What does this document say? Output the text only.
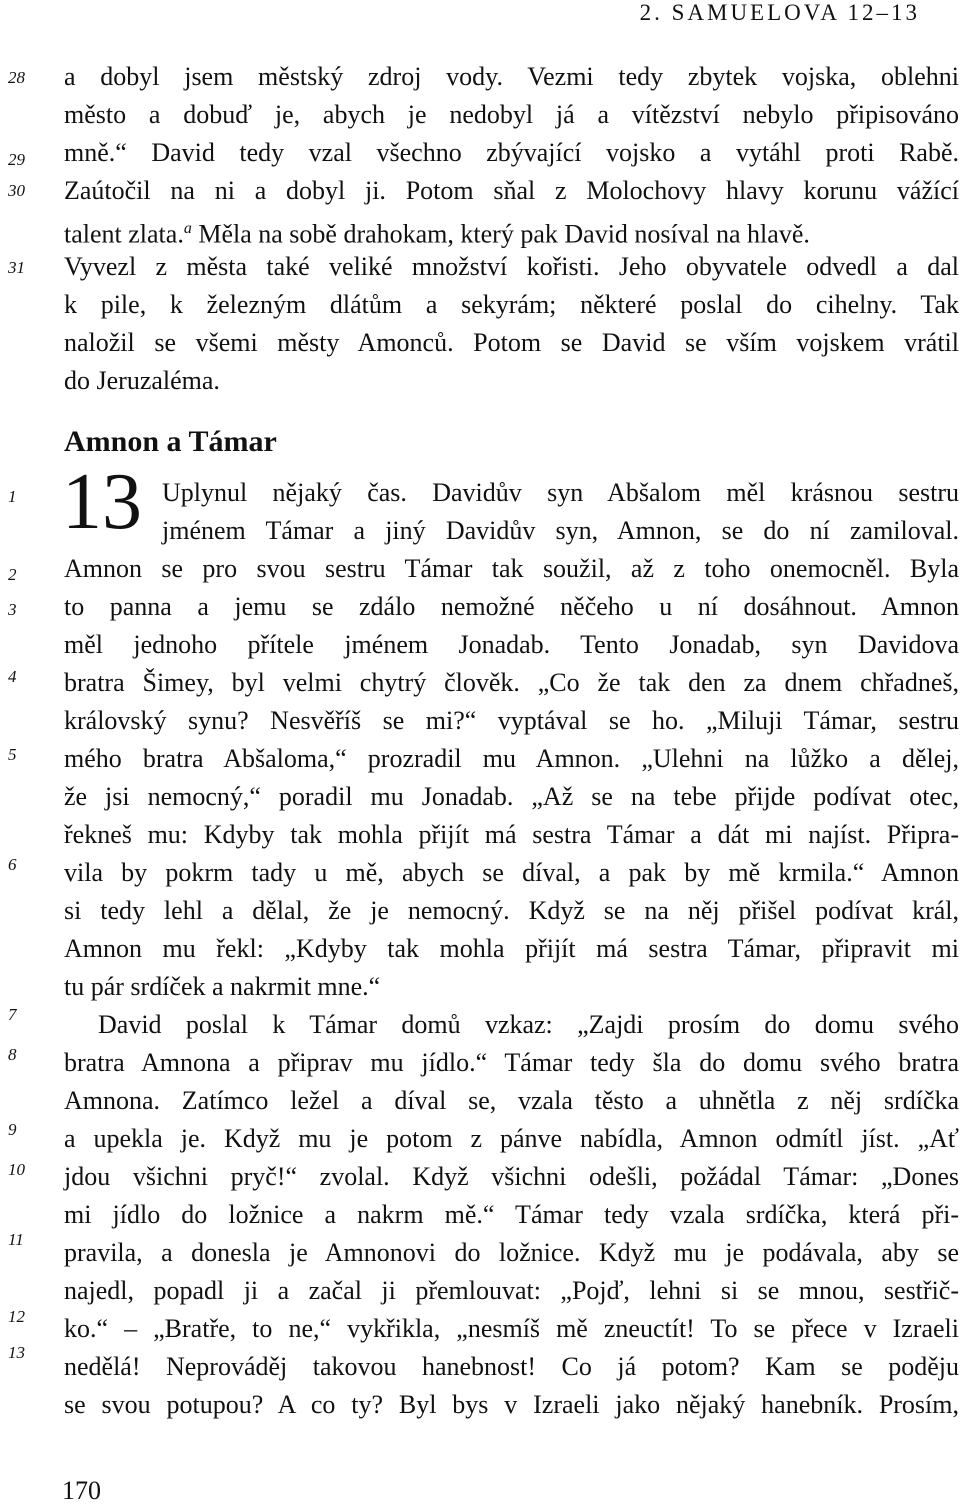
2. SAMUELOVA 12–13
28
29
30
31
1
2
3
4
5
6
7
8
9
10
11
12
13
a dobyl jsem městský zdroj vody. Vezmi tedy zbytek vojska, oblehni
město a dobuď je, abych je nedobyl já a vítězství nebylo připisováno
mně.“ David tedy vzal všechno zbývající vojsko a vytáhl proti Rabě.
Zaútočil na ni a dobyl ji. Potom sňal z Molochovy hlavy korunu vážící
talent zlata.$^a$ Měla na sobě drahokam, který pak David nosíval na hlavě.
Vyvezl z města také veliké množství kořisti. Jeho obyvatele odvedl a dal
k pile, k železným dlátům a sekyrám; některé poslal do cihelny. Tak
naložil se všemi městy Amonců. Potom se David se vším vojskem vrátil
do Jeruzaléma.
Amnon a Támar
13 Uplynul nějaký čas. Davidův syn Abšalom měl krásnou sestru
jménem Támar a jiný Davidův syn, Amnon, se do ní zamiloval.
Amnon se pro svou sestru Támar tak soužil, až z toho onemocněl. Byla
to panna a jemu se zdálo nemožné něčeho u ní dosáhnout. Amnon
měl jednoho přítele jménem Jonadab. Tento Jonadab, syn Davidova
bratra Šimey, byl velmi chytrý člověk. „Co že tak den za dnem chřadneš,
královský synu? Nesvěříš se mi?“ vyptával se ho. „Miluji Támar, sestru
mého bratra Abšaloma,“ prozradil mu Amnon. „Ulehni na lůžko a dělej,
že jsi nemocný,“ poradil mu Jonadab. „Až se na tebe přijde podívat otec,
řekneš mu: Kdyby tak mohla přijít má sestra Támar a dát mi najíst. Připra-
vila by pokrm tady u mě, abych se díval, a pak by mě krmila.“ Amnon
si tedy lehl a dělal, že je nemocný. Když se na něj přišel podívat král,
Amnon mu řekl: „Kdyby tak mohla přijít má sestra Támar, připravit mi
tu pár srdíček a nakrmit mne.“
David poslal k Támar domů vzkaz: „Zajdi prosím do domu svého
bratra Amnona a připrav mu jídlo.“ Támar tedy šla do domu svého bratra
Amnona. Zatímco ležel a díval se, vzala těsto a uhnětla z něj srdíčka
a upekla je. Když mu je potom z pánve nabídla, Amnon odmítl jíst. „Ať
jdou všichni pryč!“ zvolal. Když všichni odešli, požádal Támar: „Dones
mi jídlo do ložnice a nakrm mě.“ Támar tedy vzala srdíčka, která při-
pravila, a donesla je Amnonovi do ložnice. Když mu je podávala, aby se
najedl, popadl ji a začal ji přemlouvat: „Pojď, lehni si se mnou, sestřič-
ko.“ – „Bratře, to ne,“ vykřikla, „nesmíš mě zneuctít! To se přece v Izraeli
nedělá! Neprováděj takovou hanebnost! Co já potom? Kam se poděju
se svou potupou? A co ty? Byl bys v Izraeli jako nějaký hanebník. Prosím,
170
